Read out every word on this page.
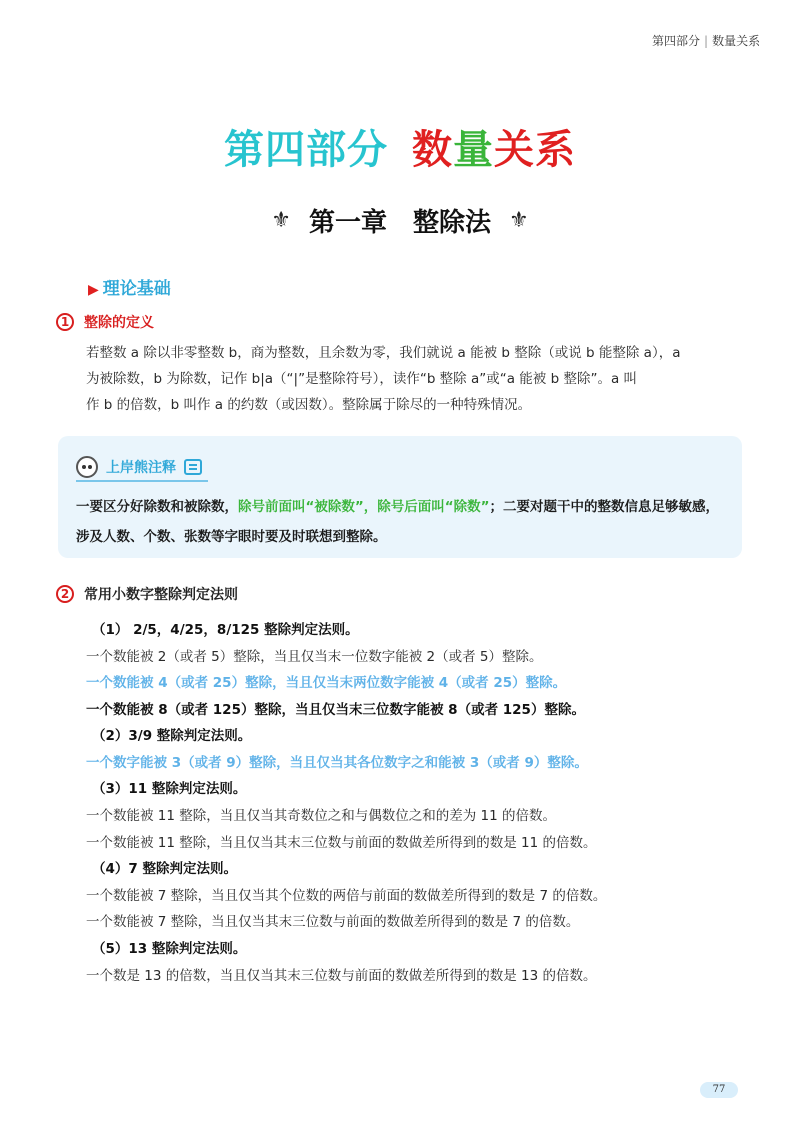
第四部分 | 数量关系
第四部分 数量关系
⚜ 第一章　整除法 ⚜
▶ 理论基础
1	整除的定义
若整数 a 除以非零整数 b，商为整数，且余数为零，我们就说 a 能被 b 整除（或说 b 能整除 a），a
为被除数，b 为除数，记作 b|a（“|”是整除符号），读作“b 整除 a”或“a 能被 b 整除”。a 叫
作 b 的倍数，b 叫作 a 的约数（或因数）。整除属于除尽的一种特殊情况。
上岸熊注释
一要区分好除数和被除数，除号前面叫“被除数”，除号后面叫“除数”；二要对题干中的整数信息足够敏感，涉及人数、个数、张数等字眼时要及时联想到整除。
2	常用小数字整除判定法则
（1） 2/5，4/25，8/125 整除判定法则。
一个数能被 2（或者 5）整除，当且仅当末一位数字能被 2（或者 5）整除。
一个数能被 4（或者 25）整除，当且仅当末两位数字能被 4（或者 25）整除。
一个数能被 8（或者 125）整除，当且仅当末三位数字能被 8（或者 125）整除。
（2）3/9 整除判定法则。
一个数字能被 3（或者 9）整除，当且仅当其各位数字之和能被 3（或者 9）整除。
（3）11 整除判定法则。
一个数能被 11 整除，当且仅当其奇数位之和与偶数位之和的差为 11 的倍数。
一个数能被 11 整除，当且仅当其末三位数与前面的数做差所得到的数是 11 的倍数。
（4）7 整除判定法则。
一个数能被 7 整除，当且仅当其个位数的两倍与前面的数做差所得到的数是 7 的倍数。
一个数能被 7 整除，当且仅当其末三位数与前面的数做差所得到的数是 7 的倍数。
（5）13 整除判定法则。
一个数是 13 的倍数，当且仅当其末三位数与前面的数做差所得到的数是 13 的倍数。
77
